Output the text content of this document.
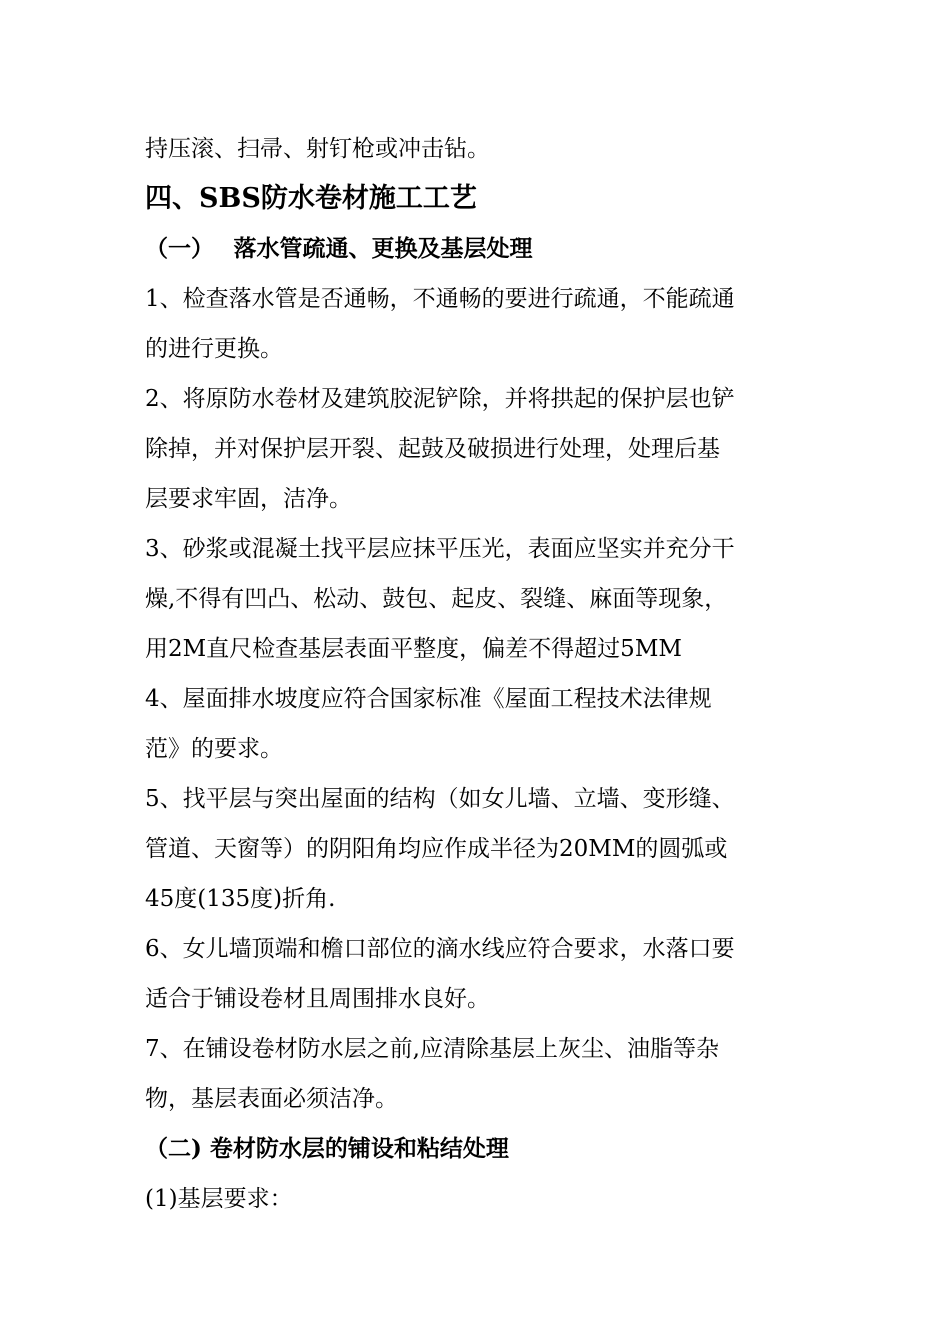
持压滚、扫帚、射钉枪或冲击钻。
四、SBS防水卷材施工工艺
（一）　 落水管疏通、更换及基层处理
1、检查落水管是否通畅，不通畅的要进行疏通，不能疏通
的进行更换。
2、将原防水卷材及建筑胶泥铲除，并将拱起的保护层也铲
除掉，并对保护层开裂、起鼓及破损进行处理，处理后基
层要求牢固，洁净。
3、砂浆或混凝土找平层应抹平压光，表面应坚实并充分干
燥,不得有凹凸、松动、鼓包、起皮、裂缝、麻面等现象，
用2M直尺检查基层表面平整度，偏差不得超过5MM
4、屋面排水坡度应符合国家标准《屋面工程技术法律规
范》的要求。
5、找平层与突出屋面的结构（如女儿墙、立墙、变形缝、
管道、天窗等）的阴阳角均应作成半径为20MM的圆弧或
45度(135度)折角.
6、女儿墙顶端和檐口部位的滴水线应符合要求，水落口要
适合于铺设卷材且周围排水良好。
7、在铺设卷材防水层之前,应清除基层上灰尘、油脂等杂
物，基层表面必须洁净。
（二) 卷材防水层的铺设和粘结处理
(1)基层要求：
